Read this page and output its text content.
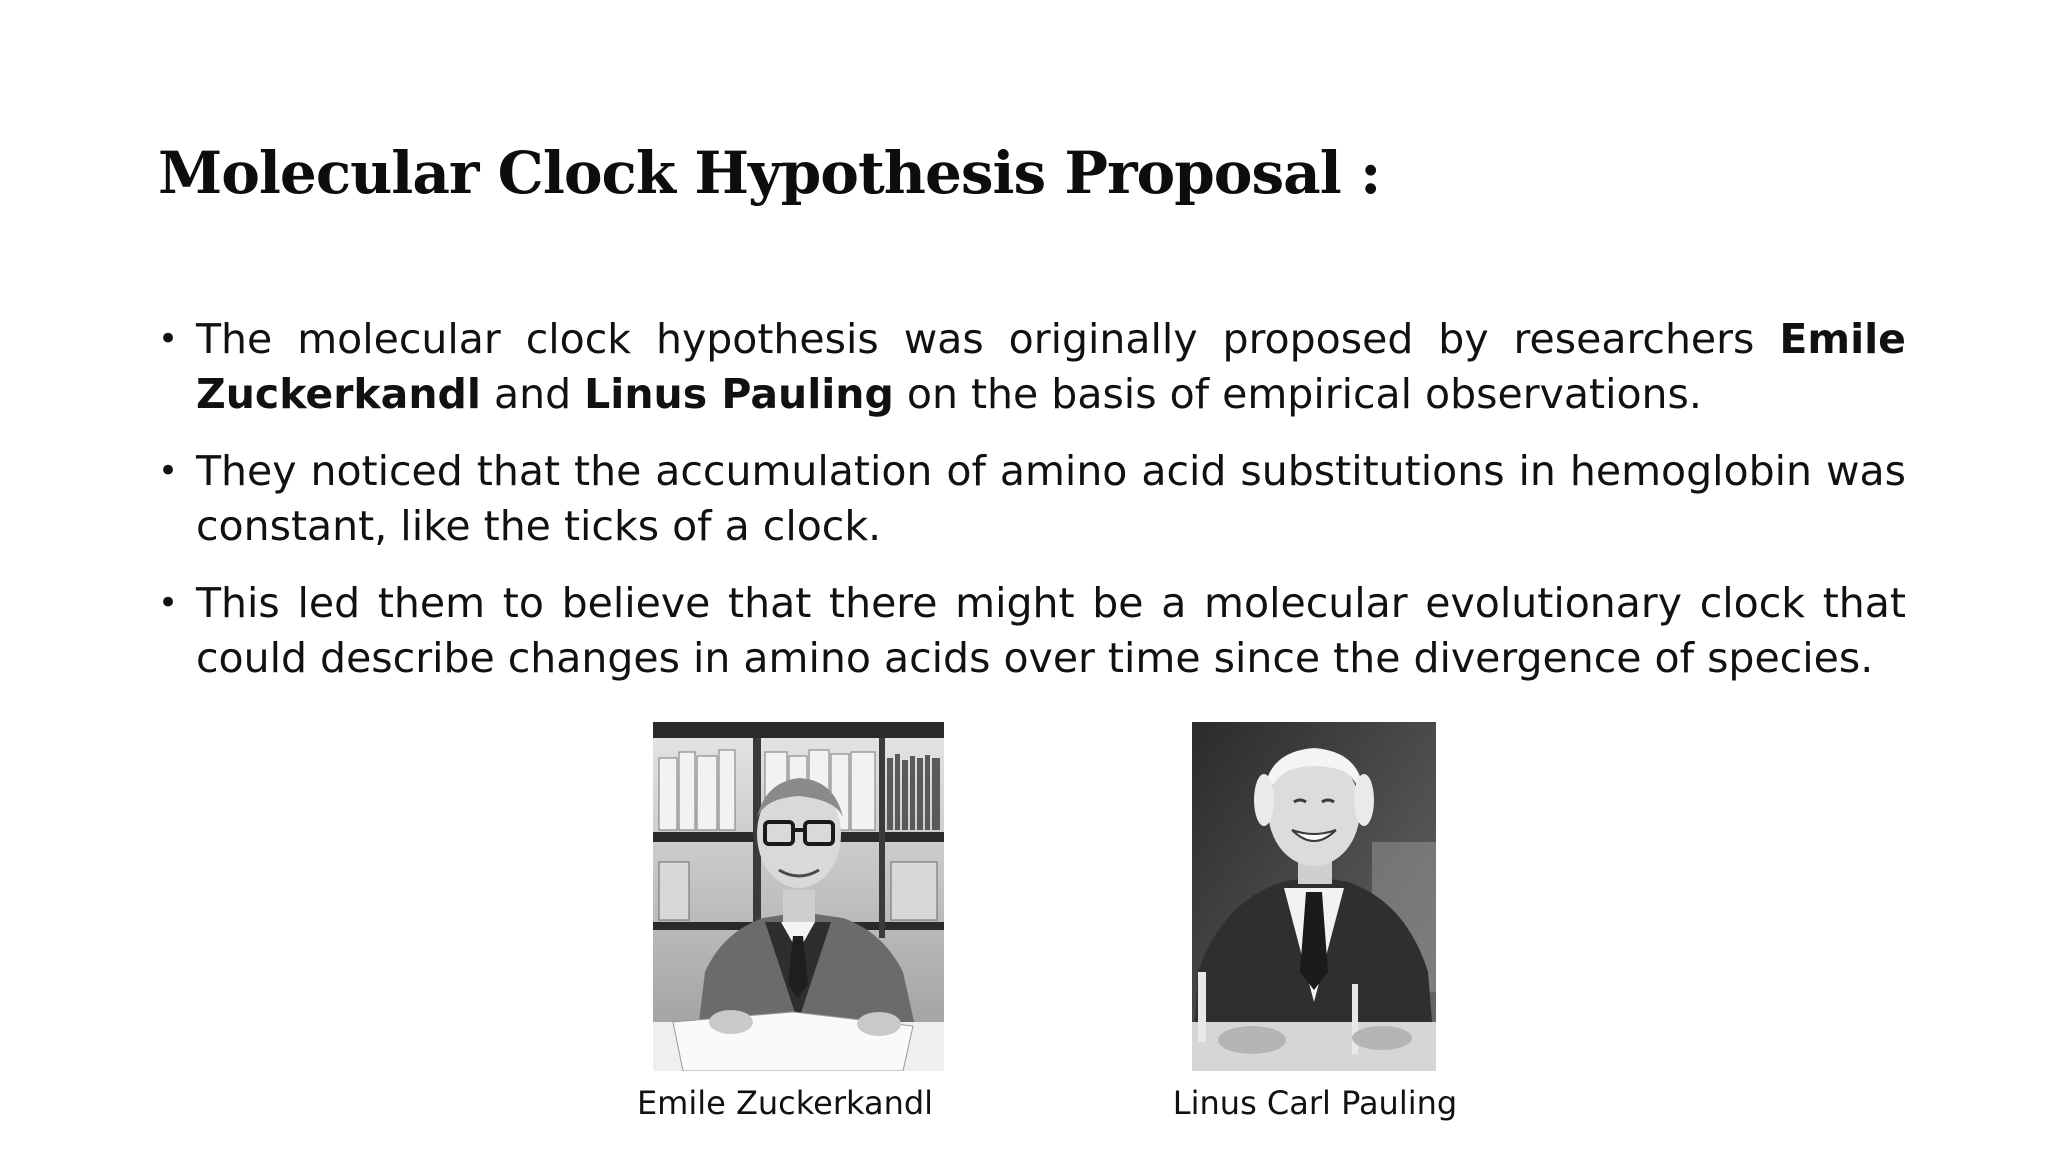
Molecular Clock Hypothesis Proposal :
• The molecular clock hypothesis was originally proposed by researchers Emile Zuckerkandl and Linus Pauling on the basis of empirical observations.
• They noticed that the accumulation of amino acid substitutions in hemoglobin was constant, like the ticks of a clock.
• This led them to believe that there might be a molecular evolutionary clock that could describe changes in amino acids over time since the divergence of species.
Emile Zuckerkandl	Linus Carl Pauling
